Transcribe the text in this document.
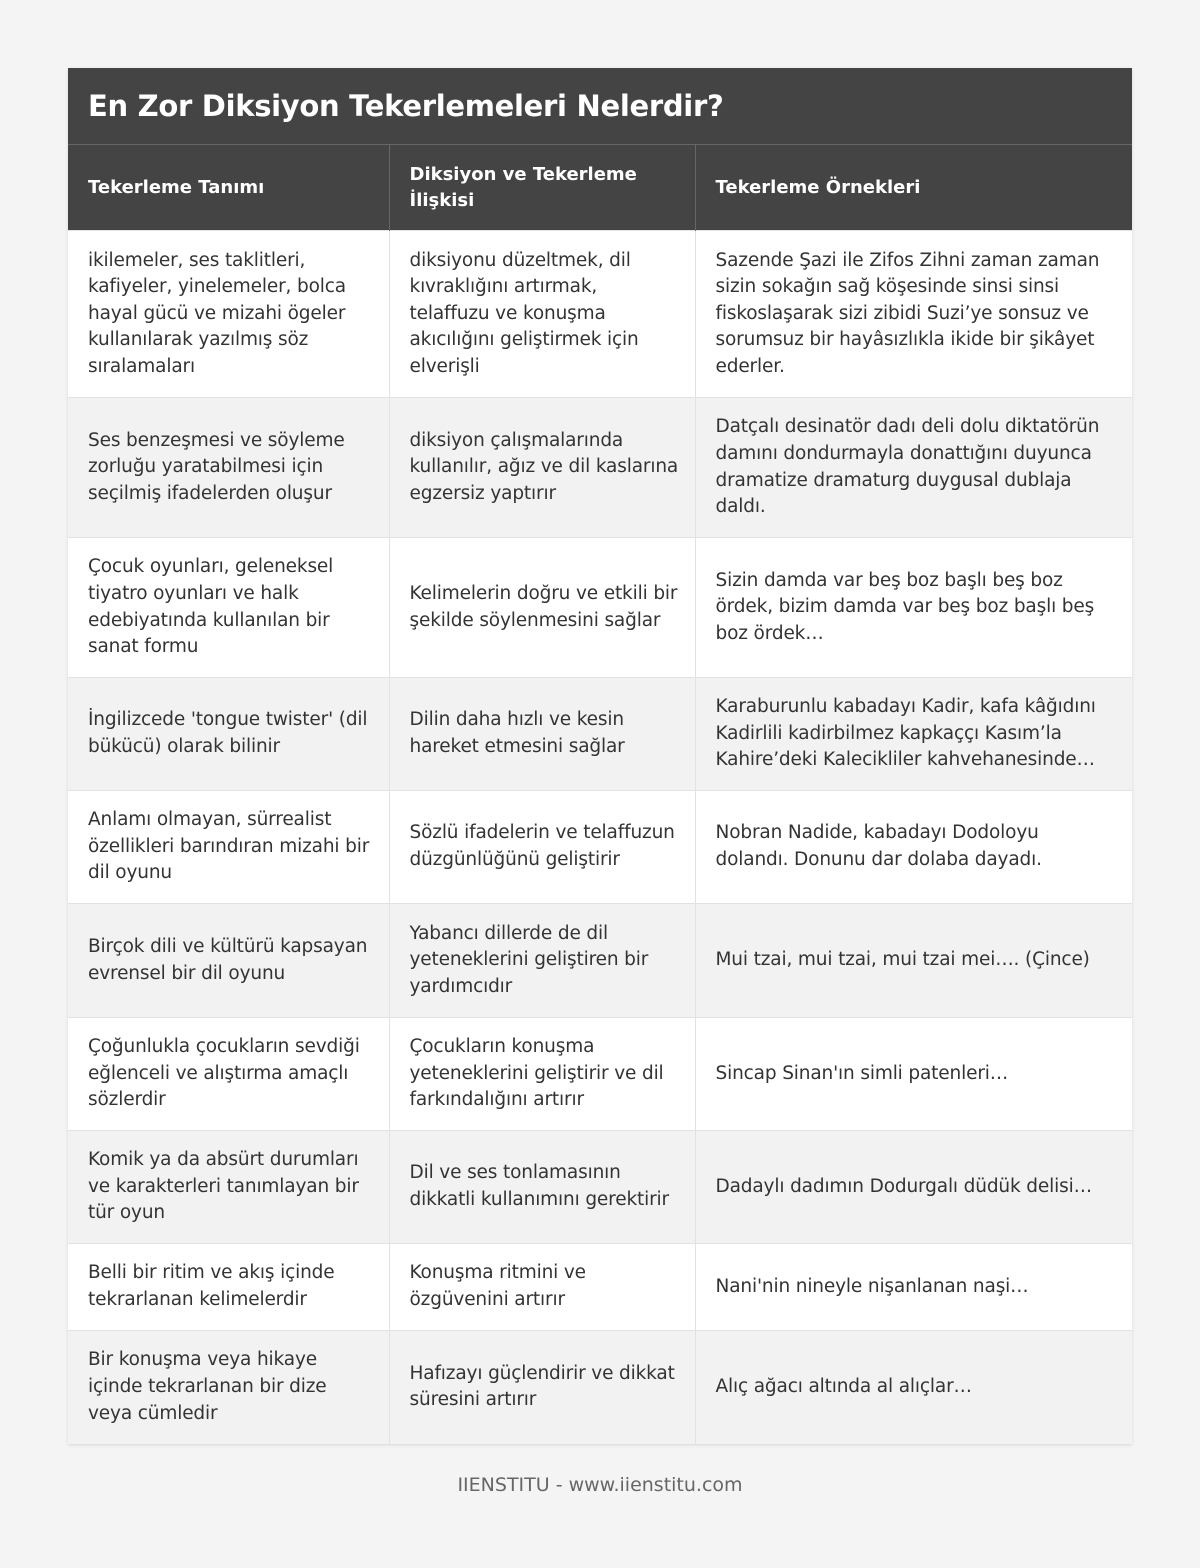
En Zor Diksiyon Tekerlemeleri Nelerdir?
Tekerleme Tanımı	Diksiyon ve Tekerleme İlişkisi	Tekerleme Örnekleri
ikilemeler, ses taklitleri, kafiyeler, yinelemeler, bolca hayal gücü ve mizahi ögeler kullanılarak yazılmış söz sıralamaları	diksiyonu düzeltmek, dil kıvraklığını artırmak, telaffuzu ve konuşma akıcılığını geliştirmek için elverişli	Sazende Şazi ile Zifos Zihni zaman zaman sizin sokağın sağ köşesinde sinsi sinsi fiskoslaşarak sizi zibidi Suzi’ye sonsuz ve sorumsuz bir hayâsızlıkla ikide bir şikâyet ederler.
Ses benzeşmesi ve söyleme zorluğu yaratabilmesi için seçilmiş ifadelerden oluşur	diksiyon çalışmalarında kullanılır, ağız ve dil kaslarına egzersiz yaptırır	Datçalı desinatör dadı deli dolu diktatörün damını dondurmayla donattığını duyunca dramatize dramaturg duygusal dublaja daldı.
Çocuk oyunları, geleneksel tiyatro oyunları ve halk edebiyatında kullanılan bir sanat formu	Kelimelerin doğru ve etkili bir şekilde söylenmesini sağlar	Sizin damda var beş boz başlı beş boz ördek, bizim damda var beş boz başlı beş boz ördek…
İngilizcede 'tongue twister' (dil bükücü) olarak bilinir	Dilin daha hızlı ve kesin hareket etmesini sağlar	Karaburunlu kabadayı Kadir, kafa kâğıdını Kadirlili kadirbilmez kapkaççı Kasım’la Kahire’deki Kalecikliler kahvehanesinde…
Anlamı olmayan, sürrealist özellikleri barındıran mizahi bir dil oyunu	Sözlü ifadelerin ve telaffuzun düzgünlüğünü geliştirir	Nobran Nadide, kabadayı Dodoloyu dolandı. Donunu dar dolaba dayadı.
Birçok dili ve kültürü kapsayan evrensel bir dil oyunu	Yabancı dillerde de dil yeteneklerini geliştiren bir yardımcıdır	Mui tzai, mui tzai, mui tzai mei…. (Çince)
Çoğunlukla çocukların sevdiği eğlenceli ve alıştırma amaçlı sözlerdir	Çocukların konuşma yeteneklerini geliştirir ve dil farkındalığını artırır	Sincap Sinan'ın simli patenleri…
Komik ya da absürt durumları ve karakterleri tanımlayan bir tür oyun	Dil ve ses tonlamasının dikkatli kullanımını gerektirir	Dadaylı dadımın Dodurgalı düdük delisi…
Belli bir ritim ve akış içinde tekrarlanan kelimelerdir	Konuşma ritmini ve özgüvenini artırır	Nani'nin nineyle nişanlanan naşi…
Bir konuşma veya hikaye içinde tekrarlanan bir dize veya cümledir	Hafızayı güçlendirir ve dikkat süresini artırır	Alıç ağacı altında al alıçlar…
IIENSTITU - www.iienstitu.com
